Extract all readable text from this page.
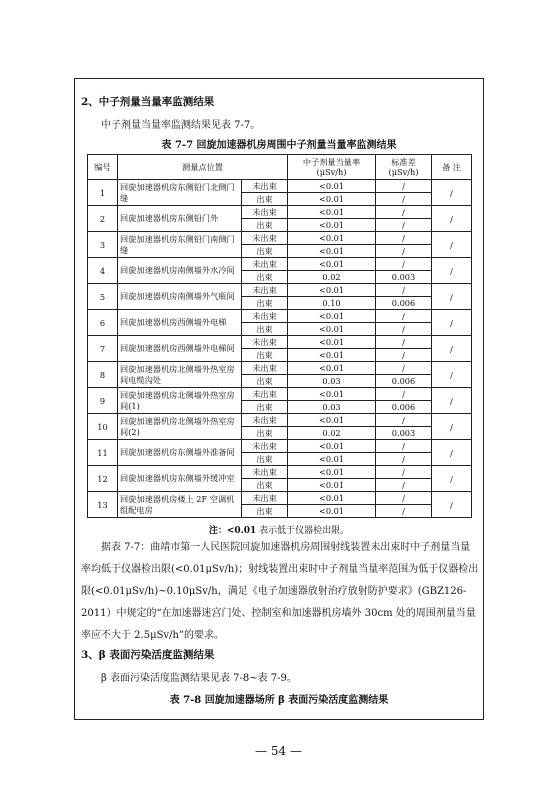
2、中子剂量当量率监测结果
中子剂量当量率监测结果见表 7-7。
表 7-7 回旋加速器机房周围中子剂量当量率监测结果
编号	测量点位置		中子剂量当量率(μSv/h)	标准差(μSv/h)	备 注
1	回旋加速器机房东侧铅门北侧门缝	未出束	<0.01	/	/
		出束	<0.01	/	
2	回旋加速器机房东侧铅门外	未出束	<0.01	/	/
		出束	<0.01	/	
3	回旋加速器机房东侧铅门南侧门缝	未出束	<0.01	/	/
		出束	<0.01	/	
4	回旋加速器机房南侧墙外水冷间	未出束	<0.01	/	/
		出束	0.02	0.003	
5	回旋加速器机房南侧墙外气瓶间	未出束	<0.01	/	/
		出束	0.10	0.006	
6	回旋加速器机房西侧墙外电梯	未出束	<0.01	/	/
		出束	<0.01	/	
7	回旋加速器机房西侧墙外电梯间	未出束	<0.01	/	/
		出束	<0.01	/	
8	回旋加速器机房北侧墙外热室房间电缆沟处	未出束	<0.01	/	/
		出束	0.03	0.006	
9	回旋加速器机房北侧墙外热室房间(1)	未出束	<0.01	/	/
		出束	0.03	0.006	
10	回旋加速器机房北侧墙外热室房间(2)	未出束	<0.01	/	/
		出束	0.02	0.003	
11	回旋加速器机房东侧墙外准备间	未出束	<0.01	/	/
		出束	<0.01	/	
12	回旋加速器机房东侧墙外缓冲室	未出束	<0.01	/	/
		出束	<0.01	/	
13	回旋加速器机房楼上 2F 空调机组配电房	未出束	<0.01	/	/
		出束	<0.01	/	
注：<0.01 表示低于仪器检出限。

据表 7-7：曲靖市第一人民医院回旋加速器机房周围射线装置未出束时中子剂量当量率均低于仪器检出限(<0.01μSv/h)；射线装置出束时中子剂量当量率范围为低于仪器检出限(<0.01μSv/h)~0.10μSv/h，满足《电子加速器放射治疗放射防护要求》(GBZ126-2011）中规定的“在加速器迷宫门处、控制室和加速器机房墙外 30cm 处的周围剂量当量率应不大于 2.5μSv/h”的要求。

3、β 表面污染活度监测结果
β 表面污染活度监测结果见表 7-8~表 7-9。
表 7-8 回旋加速器场所 β 表面污染活度监测结果
— 54 —
